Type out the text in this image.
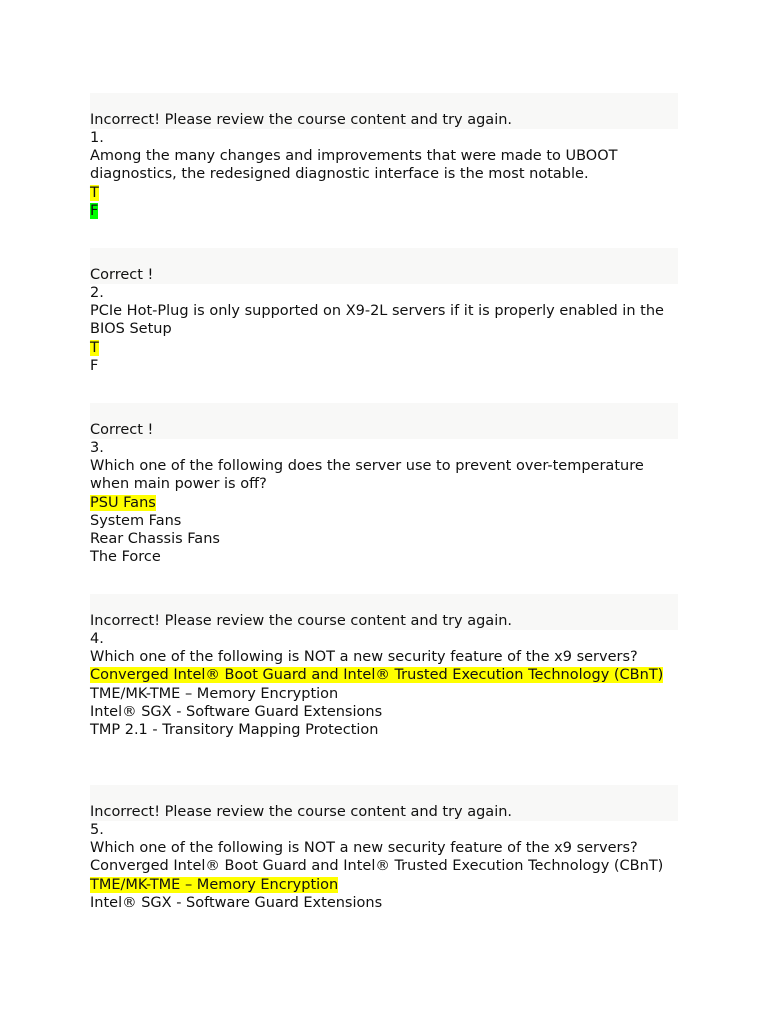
Incorrect! Please review the course content and try again.
1.
Among the many changes and improvements that were made to UBOOT diagnostics, the redesigned diagnostic interface is the most notable.
T
F
Correct !
2.
PCIe Hot-Plug is only supported on X9-2L servers if it is properly enabled in the BIOS Setup
T
F
Correct !
3.
Which one of the following does the server use to prevent over-temperature when main power is off?
PSU Fans
System Fans
Rear Chassis Fans
The Force
Incorrect! Please review the course content and try again.
4.
Which one of the following is NOT a new security feature of the x9 servers?
Converged Intel® Boot Guard and Intel® Trusted Execution Technology (CBnT)
TME/MK-TME – Memory Encryption
Intel® SGX - Software Guard Extensions
TMP 2.1 - Transitory Mapping Protection
Incorrect! Please review the course content and try again.
5.
Which one of the following is NOT a new security feature of the x9 servers?
Converged Intel® Boot Guard and Intel® Trusted Execution Technology (CBnT)
TME/MK-TME – Memory Encryption
Intel® SGX - Software Guard Extensions
